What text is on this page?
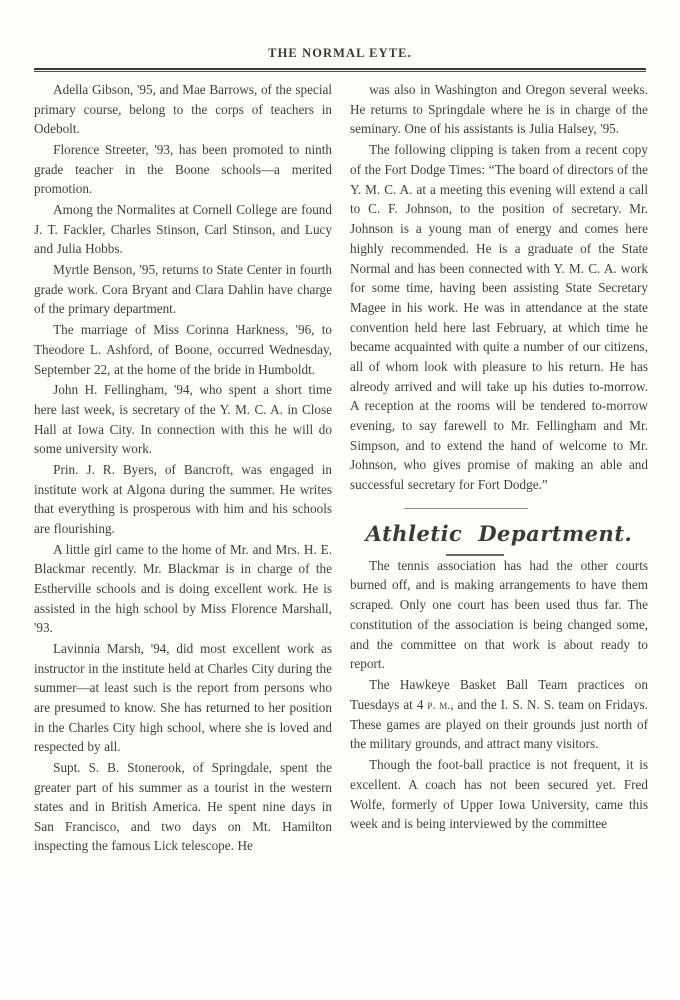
THE NORMAL EYTE.

Adella Gibson, '95, and Mae Barrows, of the special primary course, belong to the corps of teachers in Odebolt.

Florence Streeter, '93, has been promoted to ninth grade teacher in the Boone schools—a merited promotion.

Among the Normalites at Cornell College are found J. T. Fackler, Charles Stinson, Carl Stinson, and Lucy and Julia Hobbs.

Myrtle Benson, '95, returns to State Center in fourth grade work. Cora Bryant and Clara Dahlin have charge of the primary department.

The marriage of Miss Corinna Harkness, '96, to Theodore L. Ashford, of Boone, occurred Wednesday, September 22, at the home of the bride in Humboldt.

John H. Fellingham, '94, who spent a short time here last week, is secretary of the Y. M. C. A. in Close Hall at Iowa City. In connection with this he will do some university work.

Prin. J. R. Byers, of Bancroft, was engaged in institute work at Algona during the summer. He writes that everything is prosperous with him and his schools are flourishing.

A little girl came to the home of Mr. and Mrs. H. E. Blackmar recently. Mr. Blackmar is in charge of the Estherville schools and is doing excellent work. He is assisted in the high school by Miss Florence Marshall, '93.

Lavinnia Marsh, '94, did most excellent work as instructor in the institute held at Charles City during the summer—at least such is the report from persons who are presumed to know. She has returned to her position in the Charles City high school, where she is loved and respected by all.

Supt. S. B. Stonerook, of Springdale, spent the greater part of his summer as a tourist in the western states and in British America. He spent nine days in San Francisco, and two days on Mt. Hamilton inspecting the famous Lick telescope. He

was also in Washington and Oregon several weeks. He returns to Springdale where he is in charge of the seminary. One of his assistants is Julia Halsey, '95.

The following clipping is taken from a recent copy of the Fort Dodge Times: “The board of directors of the Y. M. C. A. at a meeting this evening will extend a call to C. F. Johnson, to the position of secretary. Mr. Johnson is a young man of energy and comes here highly recommended. He is a graduate of the State Normal and has been connected with Y. M. C. A. work for some time, having been assisting State Secretary Magee in his work. He was in attendance at the state convention held here last February, at which time he became acquainted with quite a number of our citizens, all of whom look with pleasure to his return. He has alreody arrived and will take up his duties to-morrow. A reception at the rooms will be tendered to-morrow evening, to say farewell to Mr. Fellingham and Mr. Simpson, and to extend the hand of welcome to Mr. Johnson, who gives promise of making an able and successful secretary for Fort Dodge.”

Athletic Department.

The tennis association has had the other courts burned off, and is making arrangements to have them scraped. Only one court has been used thus far. The constitution of the association is being changed some, and the committee on that work is about ready to report.

The Hawkeye Basket Ball Team practices on Tuesdays at 4 p. m., and the I. S. N. S. team on Fridays. These games are played on their grounds just north of the military grounds, and attract many visitors.

Though the foot-ball practice is not frequent, it is excellent. A coach has not been secured yet. Fred Wolfe, formerly of Upper Iowa University, came this week and is being interviewed by the committee
